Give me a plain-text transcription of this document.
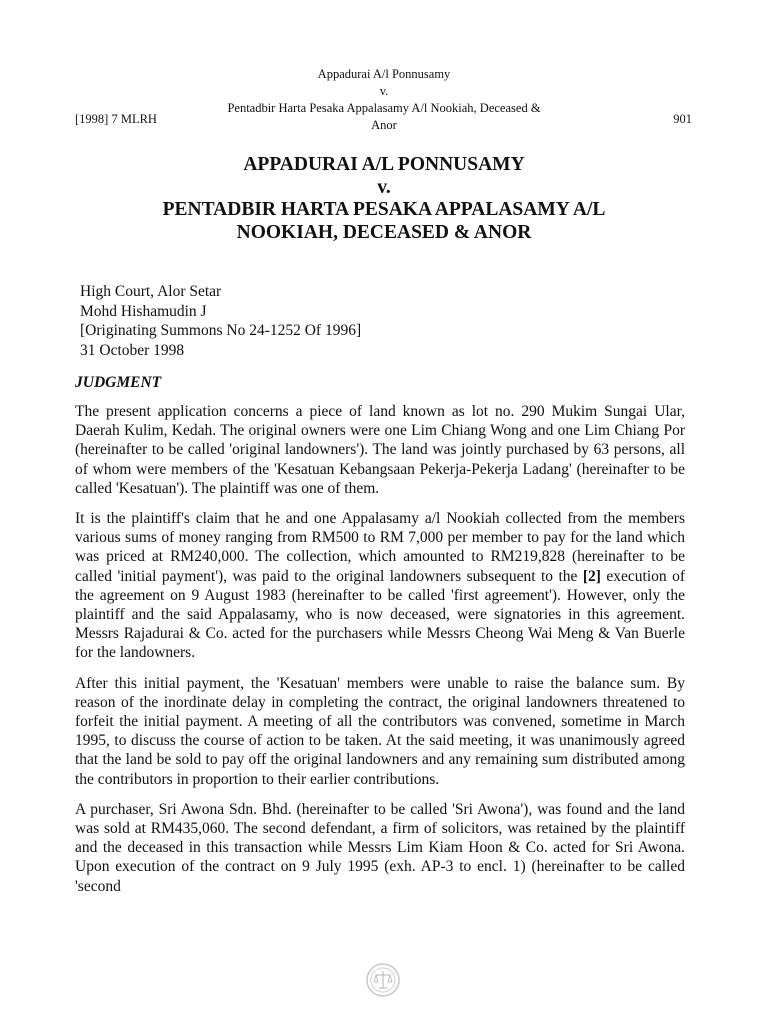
Appadurai A/l Ponnusamy
v.
Pentadbir Harta Pesaka Appalasamy A/l Nookiah, Deceased &
Anor
[1998] 7 MLRH	901
APPADURAI A/L PONNUSAMY
v.
PENTADBIR HARTA PESAKA APPALASAMY A/L
NOOKIAH, DECEASED & ANOR
High Court, Alor Setar
Mohd Hishamudin J
[Originating Summons No 24-1252 Of 1996]
31 October 1998
JUDGMENT

The present application concerns a piece of land known as lot no. 290 Mukim Sungai Ular, Daerah Kulim, Kedah. The original owners were one Lim Chiang Wong and one Lim Chiang Por (hereinafter to be called 'original landowners'). The land was jointly purchased by 63 persons, all of whom were members of the 'Kesatuan Kebangsaan Pekerja-Pekerja Ladang' (hereinafter to be called 'Kesatuan'). The plaintiff was one of them.

It is the plaintiff's claim that he and one Appalasamy a/l Nookiah collected from the members various sums of money ranging from RM500 to RM 7,000 per member to pay for the land which was priced at RM240,000. The collection, which amounted to RM219,828 (hereinafter to be called 'initial payment'), was paid to the original landowners subsequent to the [2] execution of the agreement on 9 August 1983 (hereinafter to be called 'first agreement'). However, only the plaintiff and the said Appalasamy, who is now deceased, were signatories in this agreement. Messrs Rajadurai & Co. acted for the purchasers while Messrs Cheong Wai Meng & Van Buerle for the landowners.

After this initial payment, the 'Kesatuan' members were unable to raise the balance sum. By reason of the inordinate delay in completing the contract, the original landowners threatened to forfeit the initial payment. A meeting of all the contributors was convened, sometime in March 1995, to discuss the course of action to be taken. At the said meeting, it was unanimously agreed that the land be sold to pay off the original landowners and any remaining sum distributed among the contributors in proportion to their earlier contributions.

A purchaser, Sri Awona Sdn. Bhd. (hereinafter to be called 'Sri Awona'), was found and the land was sold at RM435,060. The second defendant, a firm of solicitors, was retained by the plaintiff and the deceased in this transaction while Messrs Lim Kiam Hoon & Co. acted for Sri Awona. Upon execution of the contract on 9 July 1995 (exh. AP-3 to encl. 1) (hereinafter to be called 'second
